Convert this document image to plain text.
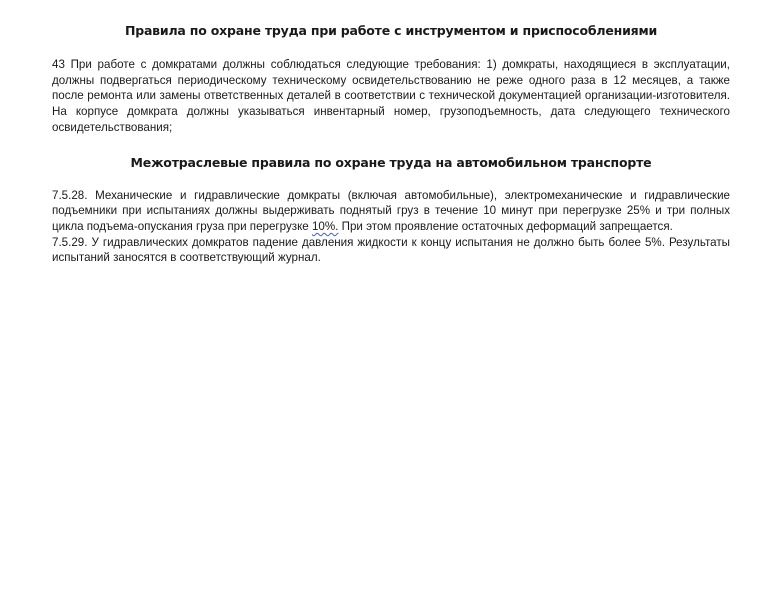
Правила по охране труда при работе с инструментом и приспособлениями

43 При работе с домкратами должны соблюдаться следующие требования: 1) домкраты, находящиеся в эксплуатации, должны подвергаться периодическому техническому освидетельствованию не реже одного раза в 12 месяцев, а также после ремонта или замены ответственных деталей в соответствии с технической документацией организации-изготовителя. На корпусе домкрата должны указываться инвентарный номер, грузоподъемность, дата следующего технического освидетельствования;

Межотраслевые правила по охране труда на автомобильном транспорте

7.5.28. Механические и гидравлические домкраты (включая автомобильные), электромеханические и гидравлические подъемники при испытаниях должны выдерживать поднятый груз в течение 10 минут при перегрузке 25% и три полных цикла подъема-опускания груза при перегрузке 10%. При этом проявление остаточных деформаций запрещается.

7.5.29. У гидравлических домкратов падение давления жидкости к концу испытания не должно быть более 5%. Результаты испытаний заносятся в соответствующий журнал.
